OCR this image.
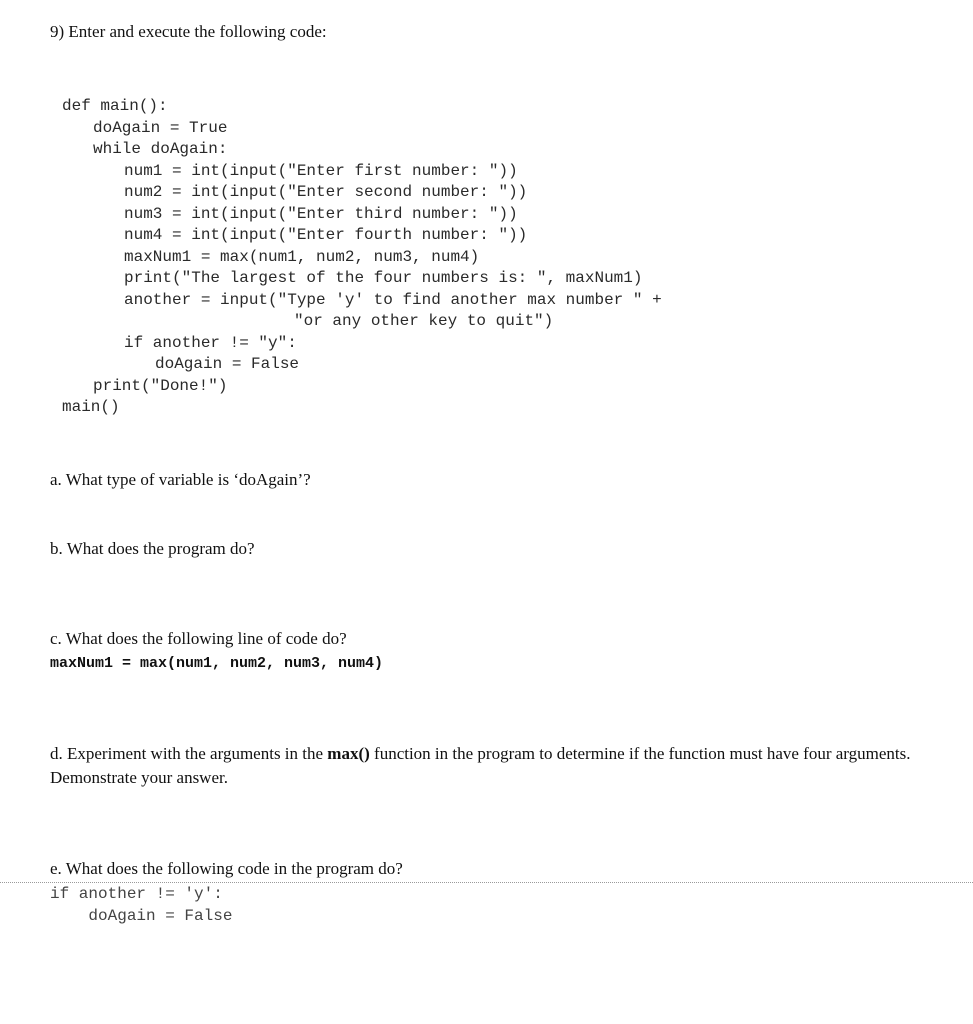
9) Enter and execute the following code:
def main():
doAgain = True
while doAgain:
num1 = int(input("Enter first number: "))
num2 = int(input("Enter second number: "))
num3 = int(input("Enter third number: "))
num4 = int(input("Enter fourth number: "))
maxNum1 = max(num1, num2, num3, num4)
print("The largest of the four numbers is: ", maxNum1)
another = input("Type 'y' to find another max number " +
"or any other key to quit")
if another != "y":
doAgain = False
print("Done!")
main()
a. What type of variable is ‘doAgain’?
b. What does the program do?
c. What does the following line of code do?
maxNum1 = max(num1, num2, num3, num4)
d. Experiment with the arguments in the max() function in the program to determine if the function must have four arguments. Demonstrate your answer.
e. What does the following code in the program do?
if another != 'y':
doAgain = False
